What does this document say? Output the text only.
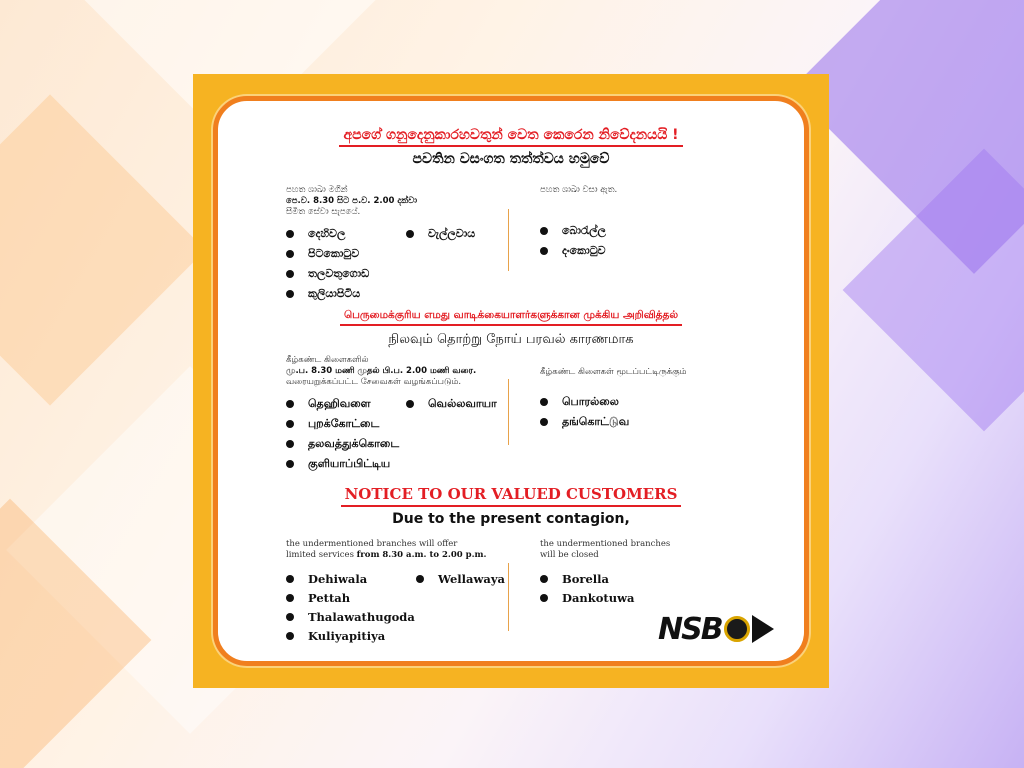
අපගේ ගනුදෙනුකාරහවතුන් වෙත කෙරෙන නිවේදනයයි !
පවතින වසංගත තත්ත්වය හමුවේ
පහත ශාඛා මගින්
පෙ.ව. 8.30 සිට ප.ව. 2.00 දක්වා
සීමිත සේවා සැපයේ.
දෙහිවල	වැල්ලවාය
පිටකොටුව
තලවතුගොඩ
කුලියාපිටිය
පහත ශාඛා වසා ඇත.
බොරැල්ල
දංකොටුව
பெருமைக்குரிய எமது வாடிக்கையாளர்களுக்கான முக்கிய அறிவித்தல்
நிலவும் தொற்று நோய் பரவல் காரணமாக
கீழ்கண்ட கிளைகளில்
மு.ப. 8.30 மணி முதல் பி.ப. 2.00 மணி வரை.
வரையறுக்கப்பட்ட சேவைகள் வழங்கப்படும்.
தெஹிவளை	வெல்லவாயா
புறக்கோட்டை
தலவத்துக்கொடை
குளியாப்பிட்டிய
கீழ்கண்ட கிளைகள் மூடப்பட்டிருக்கும்
பொரல்லை
தங்கொட்டுவ
NOTICE TO OUR VALUED CUSTOMERS
Due to the present contagion,
the undermentioned branches will offer
limited services from 8.30 a.m. to 2.00 p.m.
Dehiwala	Wellawaya
Pettah
Thalawathugoda
Kuliyapitiya
the undermentioned branches
will be closed
Borella
Dankotuwa
NSB
